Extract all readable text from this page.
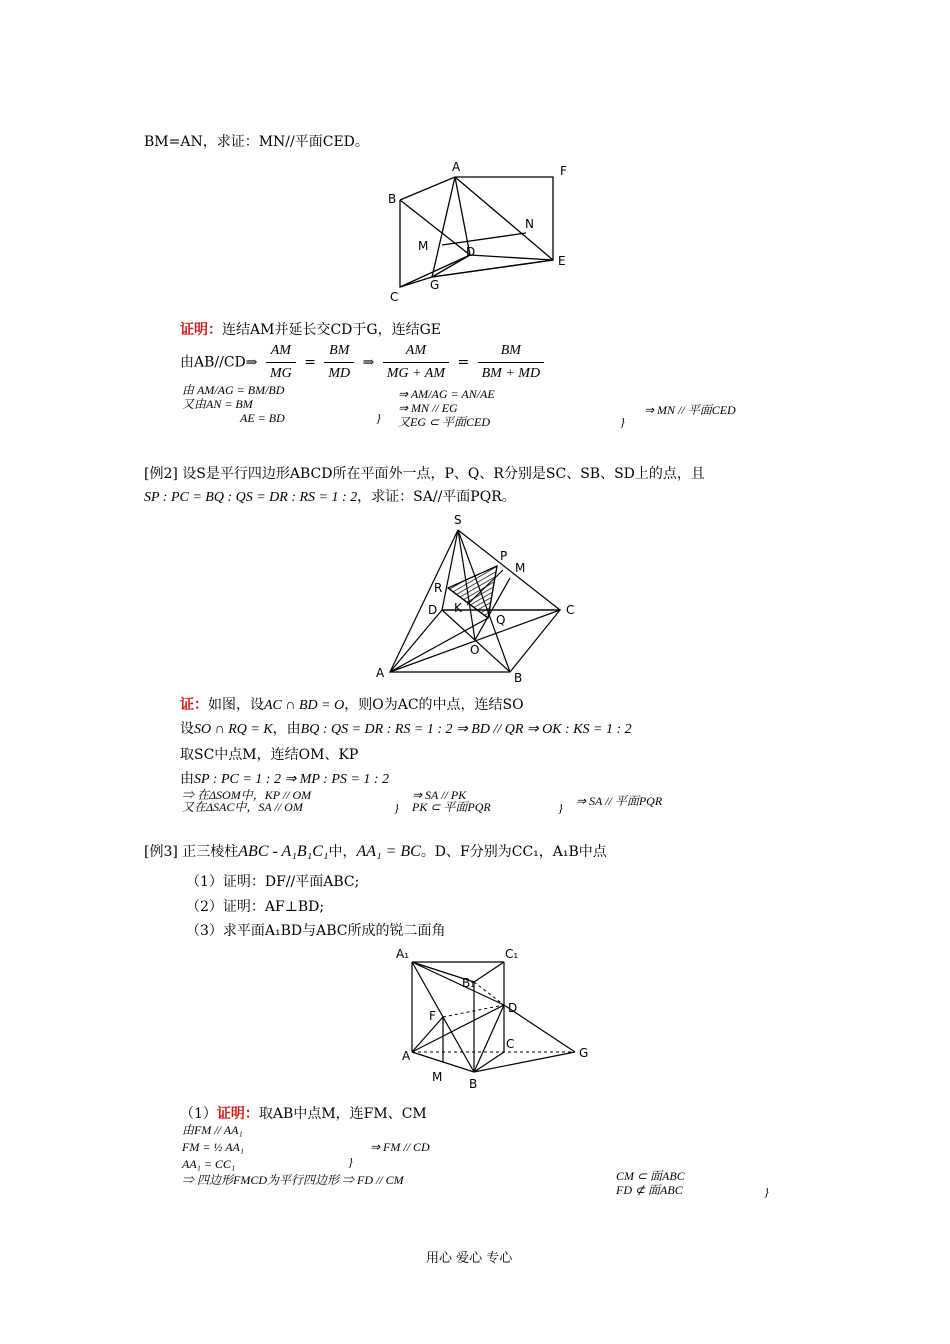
BM=AN，求证：MN//平面CED。
A	F
B
N
M	D
E
G
C
证明：连结AM并延长交CD于G，连结GE
由AB//CD⇒ $\frac{AM}{MG} = \frac{BM}{MD}$ ⇒ $\frac{AM}{MG + AM} = \frac{BM}{BM + MD}$
由 AM/AG = BM/BD
又由AN = BM
AE = BD	}
⇒ AM/AG = AN/AE
⇒ MN // EG
又EG ⊂ 平面CED	}
⇒ MN // 平面CED
[例2] 设S是平行四边形ABCD所在平面外一点，P、Q、R分别是SC、SB、SD上的点，且
SP : PC = BQ : QS = DR : RS = 1 : 2，求证：SA//平面PQR。
S
P
M
R
D K	C
Q
O
A	B
证：如图，设AC ∩ BD = O，则O为AC的中点，连结SO
设SO ∩ RQ = K，由BQ : QS = DR : RS = 1 : 2 ⇒ BD // QR ⇒ OK : KS = 1 : 2
取SC中点M，连结OM、KP
由SP : PC = 1 : 2 ⇒ MP : PS = 1 : 2
⇒ 在ΔSOM中，KP // OM
又在ΔSAC中，SA // OM	}
⇒ SA // PK
PK ⊂ 平面PQR	} ⇒ SA // 平面PQR
[例3] 正三棱柱ABC - A₁B₁C₁中，AA₁ = BC。D、F分别为CC₁，A₁B中点
（1）证明：DF//平面ABC;
（2）证明：AF⊥BD;
（3）求平面A₁BD与ABC所成的锐二面角
A₁	C₁
B₁
D
F
A
C
G
M B
（1）证明：取AB中点M，连FM、CM
由FM // AA₁
FM = ½ AA₁
AA₁ = CC₁	}
⇒ FM // CD
⇒ 四边形FMCD为平行四边形 ⇒ FD // CM	CM ⊂ 面ABC
FD ⊄ 面ABC	}
用心 爱心 专心
